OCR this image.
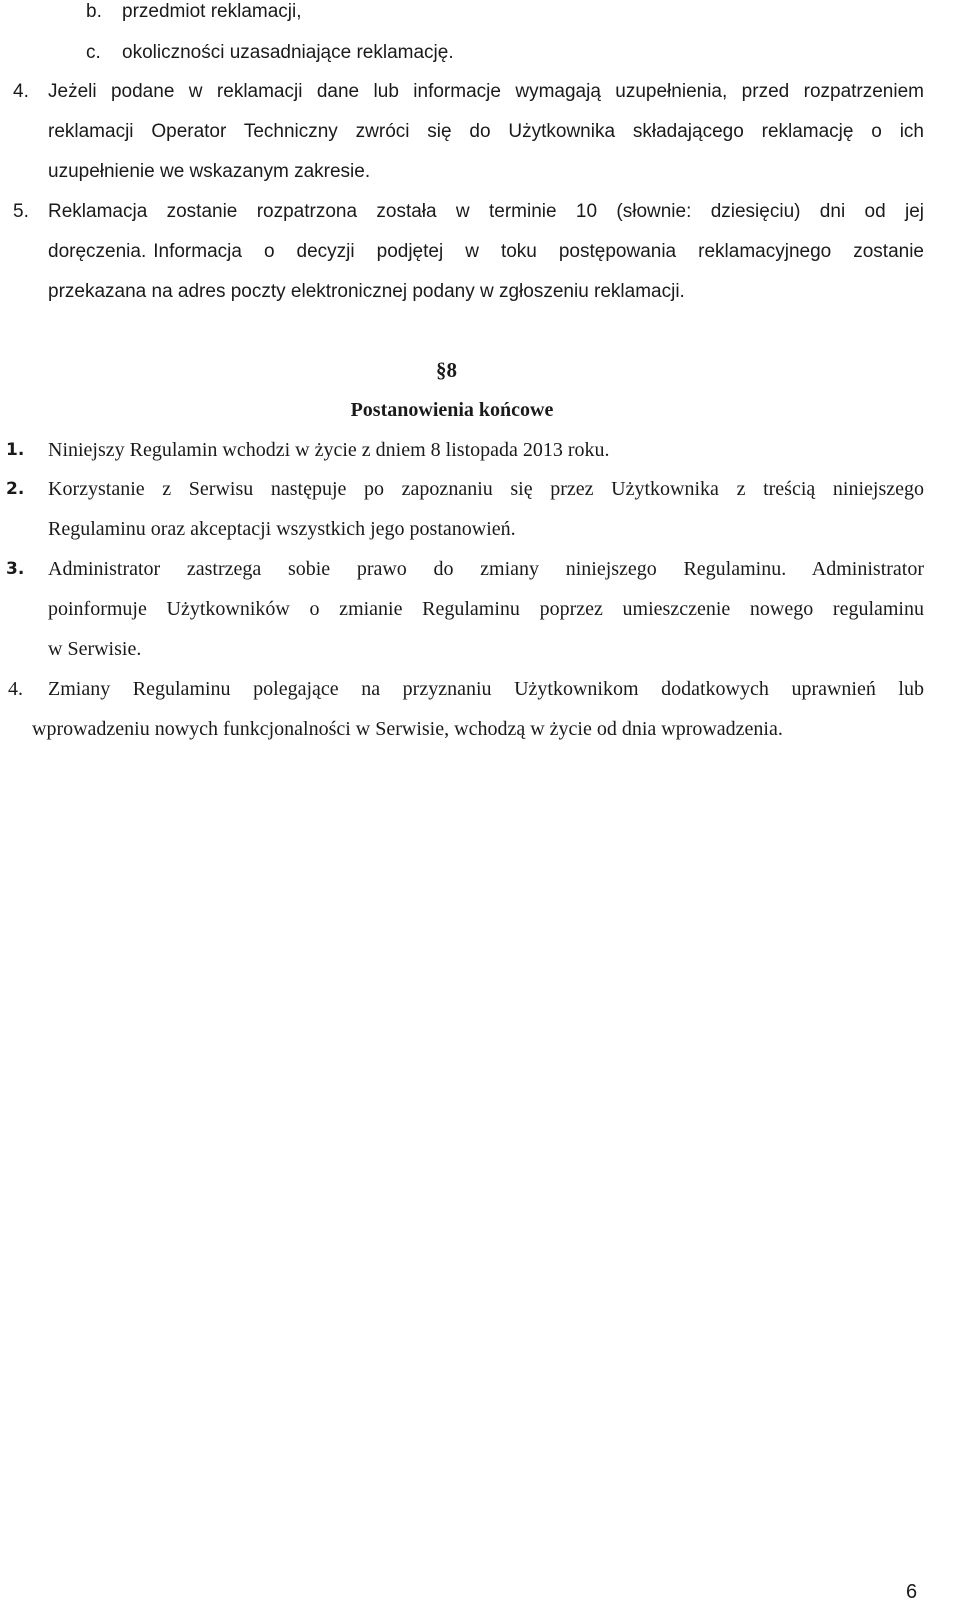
b. przedmiot reklamacji,
c. okoliczności uzasadniające reklamację.
4. Jeżeli podane w reklamacji dane lub informacje wymagają uzupełnienia, przed rozpatrzeniem
reklamacji Operator Techniczny zwróci się do Użytkownika składającego reklamację o ich
uzupełnienie we wskazanym zakresie.
5. Reklamacja zostanie rozpatrzona została w terminie 10 (słownie: dziesięciu) dni od jej
doręczenia. Informacja o decyzji podjętej w toku postępowania reklamacyjnego zostanie
przekazana na adres poczty elektronicznej podany w zgłoszeniu reklamacji.
§8
Postanowienia końcowe
1. Niniejszy Regulamin wchodzi w życie z dniem 8 listopada 2013 roku.
2. Korzystanie z Serwisu następuje po zapoznaniu się przez Użytkownika z treścią niniejszego
Regulaminu oraz akceptacji wszystkich jego postanowień.
3. Administrator zastrzega sobie prawo do zmiany niniejszego Regulaminu. Administrator
poinformuje Użytkowników o zmianie Regulaminu poprzez umieszczenie nowego regulaminu
w Serwisie.
4. Zmiany Regulaminu polegające na przyznaniu Użytkownikom dodatkowych uprawnień lub
wprowadzeniu nowych funkcjonalności w Serwisie, wchodzą w życie od dnia wprowadzenia.
6
